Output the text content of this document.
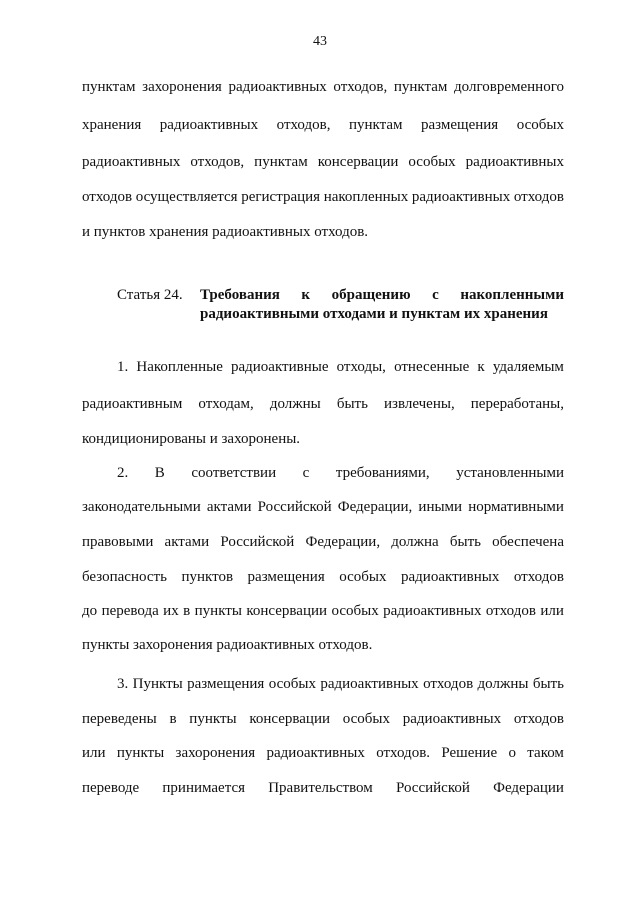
43
пунктам захоронения радиоактивных отходов, пунктам долговременного
хранения радиоактивных отходов, пунктам размещения особых
радиоактивных отходов, пунктам консервации особых радиоактивных
отходов осуществляется регистрация накопленных радиоактивных отходов
и пунктов хранения радиоактивных отходов.
Статья 24. Требования к обращению с накопленными
радиоактивными отходами и пунктам их хранения
1. Накопленные радиоактивные отходы, отнесенные к удаляемым
радиоактивным отходам, должны быть извлечены, переработаны,
кондиционированы и захоронены.
2. В соответствии с требованиями, установленными
законодательными актами Российской Федерации, иными нормативными
правовыми актами Российской Федерации, должна быть обеспечена
безопасность пунктов размещения особых радиоактивных отходов
до перевода их в пункты консервации особых радиоактивных отходов или
пункты захоронения радиоактивных отходов.
3. Пункты размещения особых радиоактивных отходов должны быть
переведены в пункты консервации особых радиоактивных отходов
или пункты захоронения радиоактивных отходов. Решение о таком
переводе принимается Правительством Российской Федерации
